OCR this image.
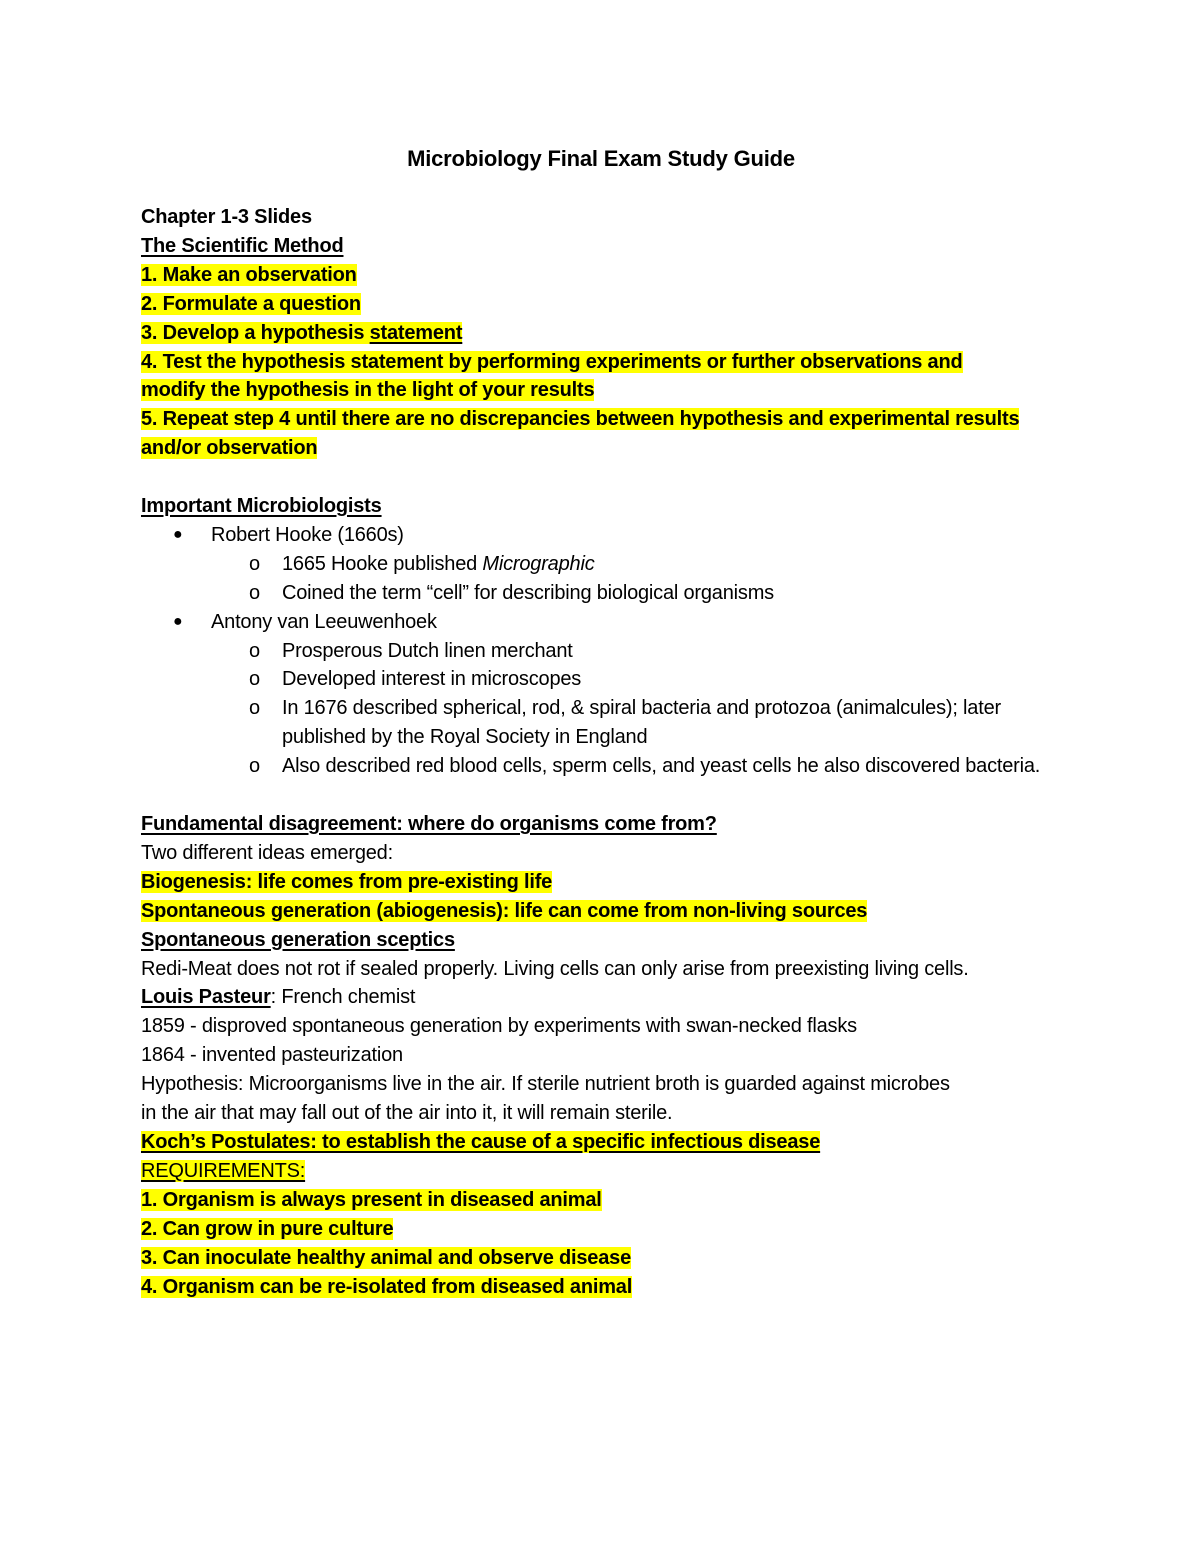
Microbiology Final Exam Study Guide
Chapter 1-3 Slides
The Scientific Method
1. Make an observation
2. Formulate a question
3. Develop a hypothesis statement
4. Test the hypothesis statement by performing experiments or further observations and
modify the hypothesis in the light of your results
5. Repeat step 4 until there are no discrepancies between hypothesis and experimental results
and/or observation
Important Microbiologists
● Robert Hooke (1660s)
o 1665 Hooke published Micrographic
o Coined the term “cell” for describing biological organisms
● Antony van Leeuwenhoek
o Prosperous Dutch linen merchant
o Developed interest in microscopes
o In 1676 described spherical, rod, & spiral bacteria and protozoa (animalcules); later published by the Royal Society in England
o Also described red blood cells, sperm cells, and yeast cells he also discovered bacteria.
Fundamental disagreement: where do organisms come from?
Two different ideas emerged:
Biogenesis: life comes from pre-existing life
Spontaneous generation (abiogenesis): life can come from non-living sources
Spontaneous generation sceptics
Redi-Meat does not rot if sealed properly. Living cells can only arise from preexisting living cells.
Louis Pasteur: French chemist
1859 - disproved spontaneous generation by experiments with swan-necked flasks
1864 - invented pasteurization
Hypothesis: Microorganisms live in the air. If sterile nutrient broth is guarded against microbes
in the air that may fall out of the air into it, it will remain sterile.
Koch’s Postulates: to establish the cause of a specific infectious disease
REQUIREMENTS:
1. Organism is always present in diseased animal
2. Can grow in pure culture
3. Can inoculate healthy animal and observe disease
4. Organism can be re-isolated from diseased animal
